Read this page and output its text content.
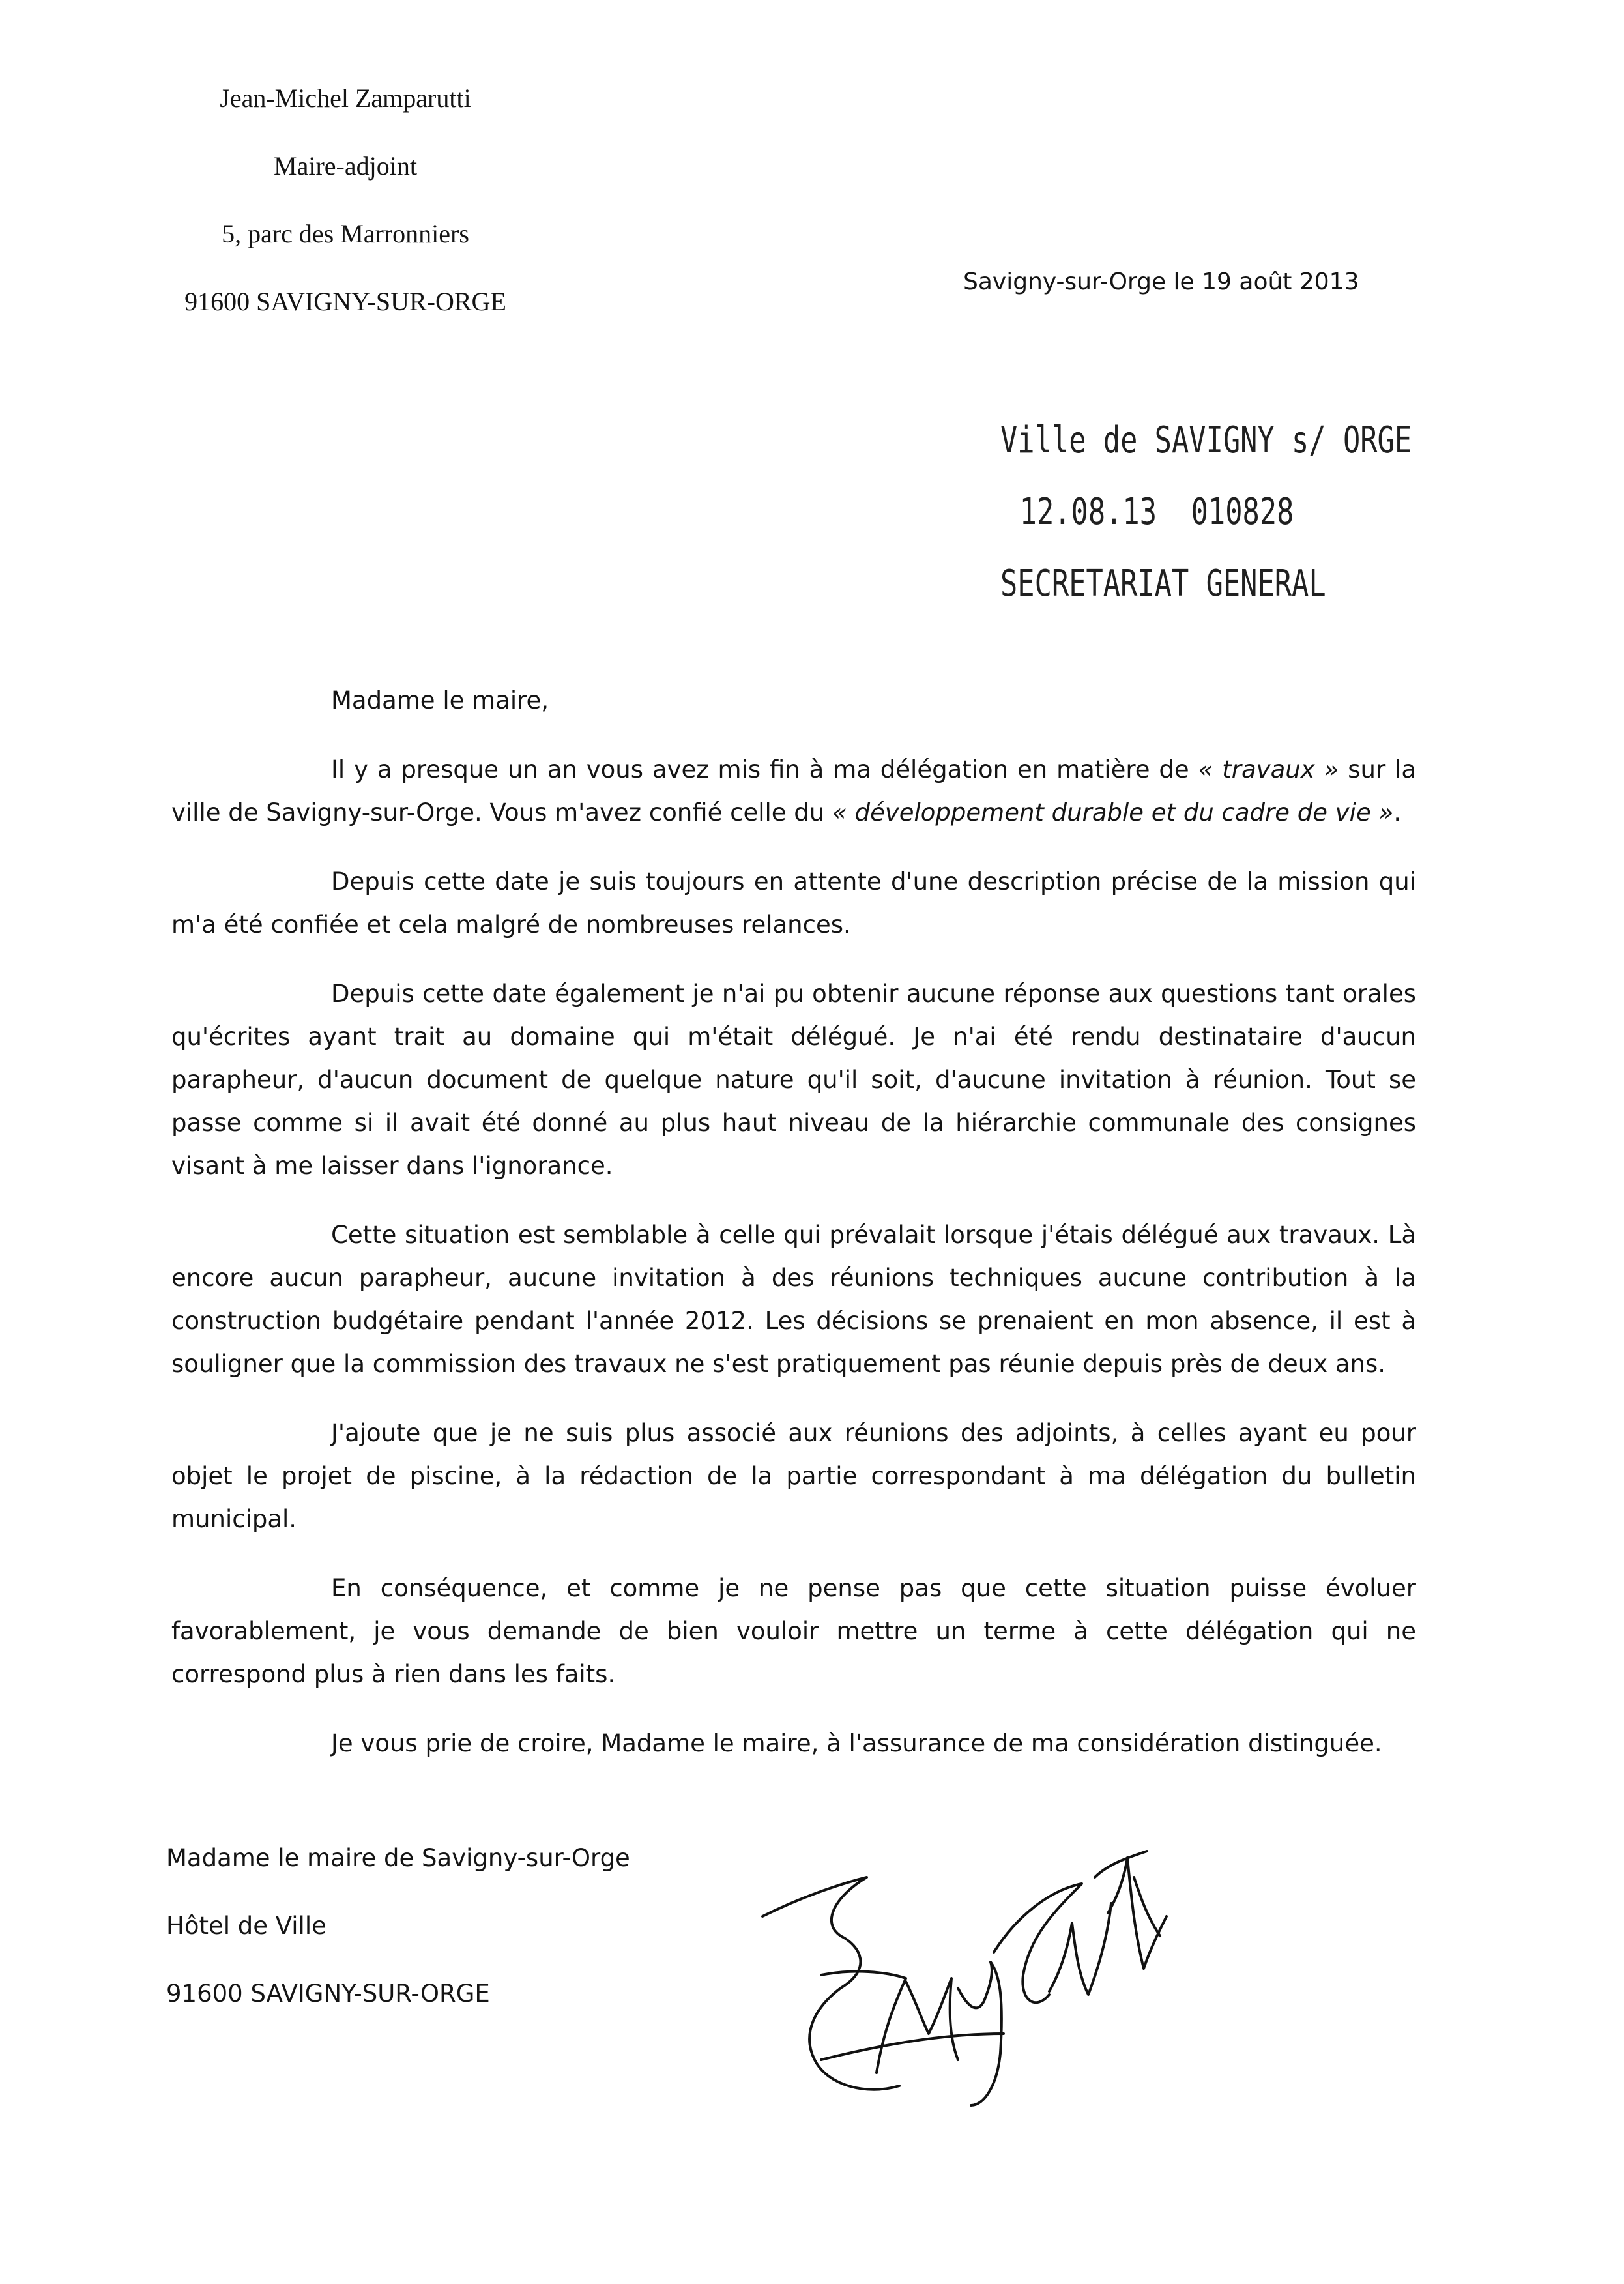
Jean-Michel Zamparutti
Maire-adjoint
5, parc des Marronniers
91600 SAVIGNY-SUR-ORGE
Savigny-sur-Orge le 19 août 2013
Ville de SAVIGNY s/ ORGE
12.08.13  010828
SECRETARIAT GENERAL

Madame le maire,

Il y a presque un an vous avez mis fin à ma délégation en matière de « travaux » sur la ville de Savigny-sur-Orge. Vous m'avez confié celle du « développement durable et du cadre de vie ».

Depuis cette date je suis toujours en attente d'une description précise de la mission qui m'a été confiée et cela malgré de nombreuses relances.

Depuis cette date également je n'ai pu obtenir aucune réponse aux questions tant orales qu'écrites ayant trait au domaine qui m'était délégué. Je n'ai été rendu destinataire d'aucun parapheur, d'aucun document de quelque nature qu'il soit, d'aucune invitation à réunion. Tout se passe comme si il avait été donné au plus haut niveau de la hiérarchie communale des consignes visant à me laisser dans l'ignorance.

Cette situation est semblable à celle qui prévalait lorsque j'étais délégué aux travaux. Là encore aucun parapheur, aucune invitation à des réunions techniques aucune contribution à la construction budgétaire pendant l'année 2012. Les décisions se prenaient en mon absence, il est à souligner que la commission des travaux ne s'est pratiquement pas réunie depuis près de deux ans.

J'ajoute que je ne suis plus associé aux réunions des adjoints, à celles ayant eu pour objet le projet de piscine, à la rédaction de la partie correspondant à ma délégation du bulletin municipal.

En conséquence, et comme je ne pense pas que cette situation puisse évoluer favorablement, je vous demande de bien vouloir mettre un terme à cette délégation qui ne correspond plus à rien dans les faits.

Je vous prie de croire, Madame le maire, à l'assurance de ma considération distinguée.

Madame le maire de Savigny-sur-Orge
Hôtel de Ville
91600 SAVIGNY-SUR-ORGE
